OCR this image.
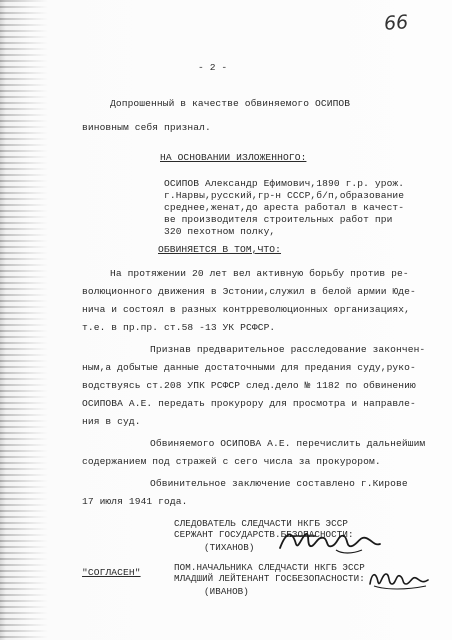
66
- 2 -
Допрошенный в качестве обвиняемого ОСИПОВ
виновным себя признал.
НА ОСНОВАНИИ ИЗЛОЖЕННОГО:
ОСИПОВ Александр Ефимович,1890 г.р. урож.
г.Нарвы,русский,гр-н СССР,б/п,образование
среднее,женат,до ареста работал в качест-
ве производителя строительных работ при
320 пехотном полку,
ОБВИНЯЕТСЯ В ТОМ,ЧТО:
На протяжении 20 лет вел активную борьбу против ре-
волюционного движения в Эстонии,служил в белой армии Юде-
нича и состоял в разных контрреволюционных организациях,
т.е. в пр.пр. ст.58 -13 УК РСФСР.
Признав предварительное расследование закончен-
ным,а добытые данные достаточными для предания суду,руко-
водствуясь ст.208 УПК РСФСР след.дело № 1182 по обвинению
ОСИПОВА А.Е. передать прокурору для просмотра и направле-
ния в суд.
Обвиняемого ОСИПОВА А.Е. перечислить дальнейшим
содержанием под стражей с сего числа за прокурором.
Обвинительное заключение составлено г.Кирове
17 июля 1941 года.
СЛЕДОВАТЕЛЬ СЛЕДЧАСТИ НКГБ ЭССР
СЕРЖАНТ ГОСУДАРСТВ.БЕЗОПАСНОСТИ:
(ТИХАНОВ)
"СОГЛАСЕН"	ПОМ.НАЧАЛЬНИКА СЛЕДЧАСТИ НКГБ ЭССР
МЛАДШИЙ ЛЕЙТЕНАНТ ГОСБЕЗОПАСНОСТИ:
(ИВАНОВ)
